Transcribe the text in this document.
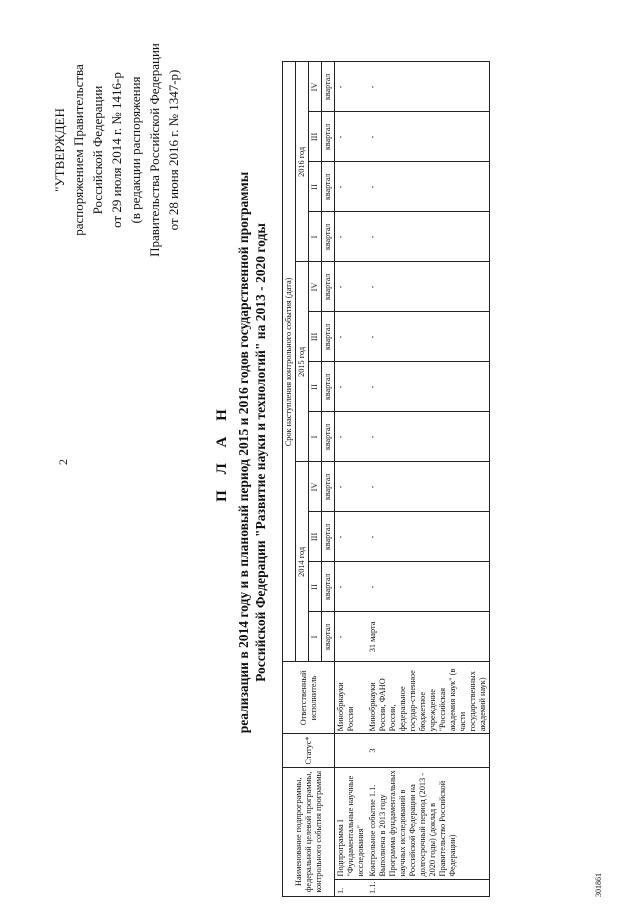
2
"УТВЕРЖДЕН распоряжением Правительства Российской Федерации от 29 июля 2014 г. № 1416-р (в редакции распоряжения Правительства Российской Федерации от 28 июня 2016 г. № 1347-р)
П Л А Н реализации в 2014 году и в плановый период 2015 и 2016 годов государственной программы Российской Федерации "Развитие науки и технологий" на 2013 - 2020 годы
Наименование подпрограммы, федеральной целевой программы, контрольного события программы		Статус*	Ответственный исполнитель	Срок наступления контрольного события (дата)											
				2014 год				2015 год				2016 год			
				I	II	III	IV	I	II	III	IV	I	II	III	IV
				квартал	квартал	квартал	квартал	квартал	квартал	квартал	квартал	квартал	квартал	квартал	квартал
1.	Подпрограмма I "Фундаментальные научные исследования"		Минобрнауки России	-	-	-	-	-	-	-	-	-	-	-	-
1.1.	Контрольное событие 1.1. Выполнена в 2013 году Программа фундаментальных научных исследований в Российской Федерации на долгосрочный период (2013 - 2020 годы) (доклад в Правительство Российской Федерации)	3	Минобрнауки России, ФАНО России, федеральное государ-ственное бюджетное учреждение "Российская академия наук" (в части государственных академий наук)	31 марта	-	-	-	-	-	-	-	-	-	-	-
301861
